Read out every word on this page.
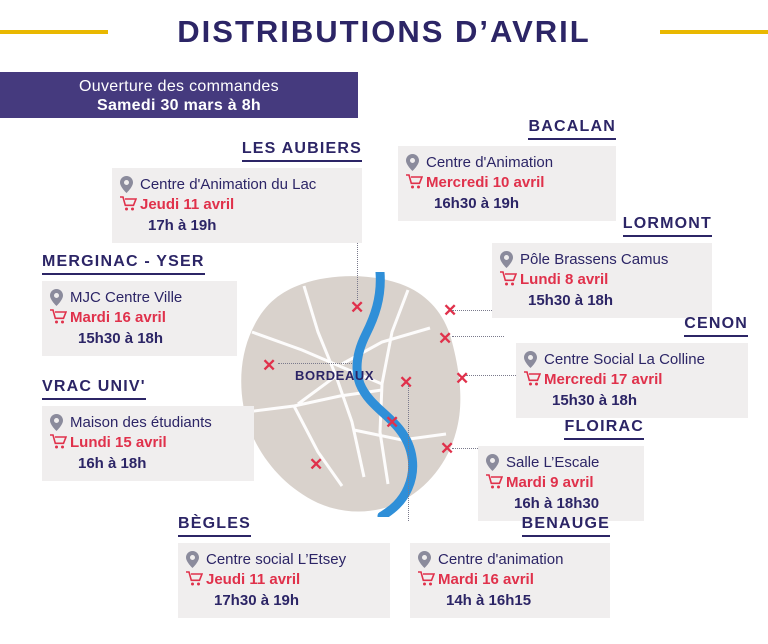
DISTRIBUTIONS D’AVRIL
Ouverture des commandes
Samedi 30 mars à 8h
BORDEAUX
✕	✕
✕
✕
✕
✕
✕
✕
✕
LES AUBIERS
Centre d'Animation du Lac
Jeudi 11 avril
17h à 19h
BACALAN
Centre d'Animation
Mercredi 10 avril
16h30 à 19h
LORMONT
Pôle Brassens Camus
Lundi 8 avril
15h30 à 18h
MERGINAC - YSER
MJC Centre Ville
Mardi 16 avril
15h30 à 18h
CENON
Centre Social La Colline
Mercredi 17 avril
15h30 à 18h
VRAC UNIV'
Maison des étudiants
Lundi 15 avril
16h à 18h
FLOIRAC
Salle L’Escale
Mardi 9 avril
16h à 18h30
BÈGLES
Centre social L’Etsey
Jeudi 11 avril
17h30 à 19h
BENAUGE
Centre d'animation
Mardi 16 avril
14h à 16h15
